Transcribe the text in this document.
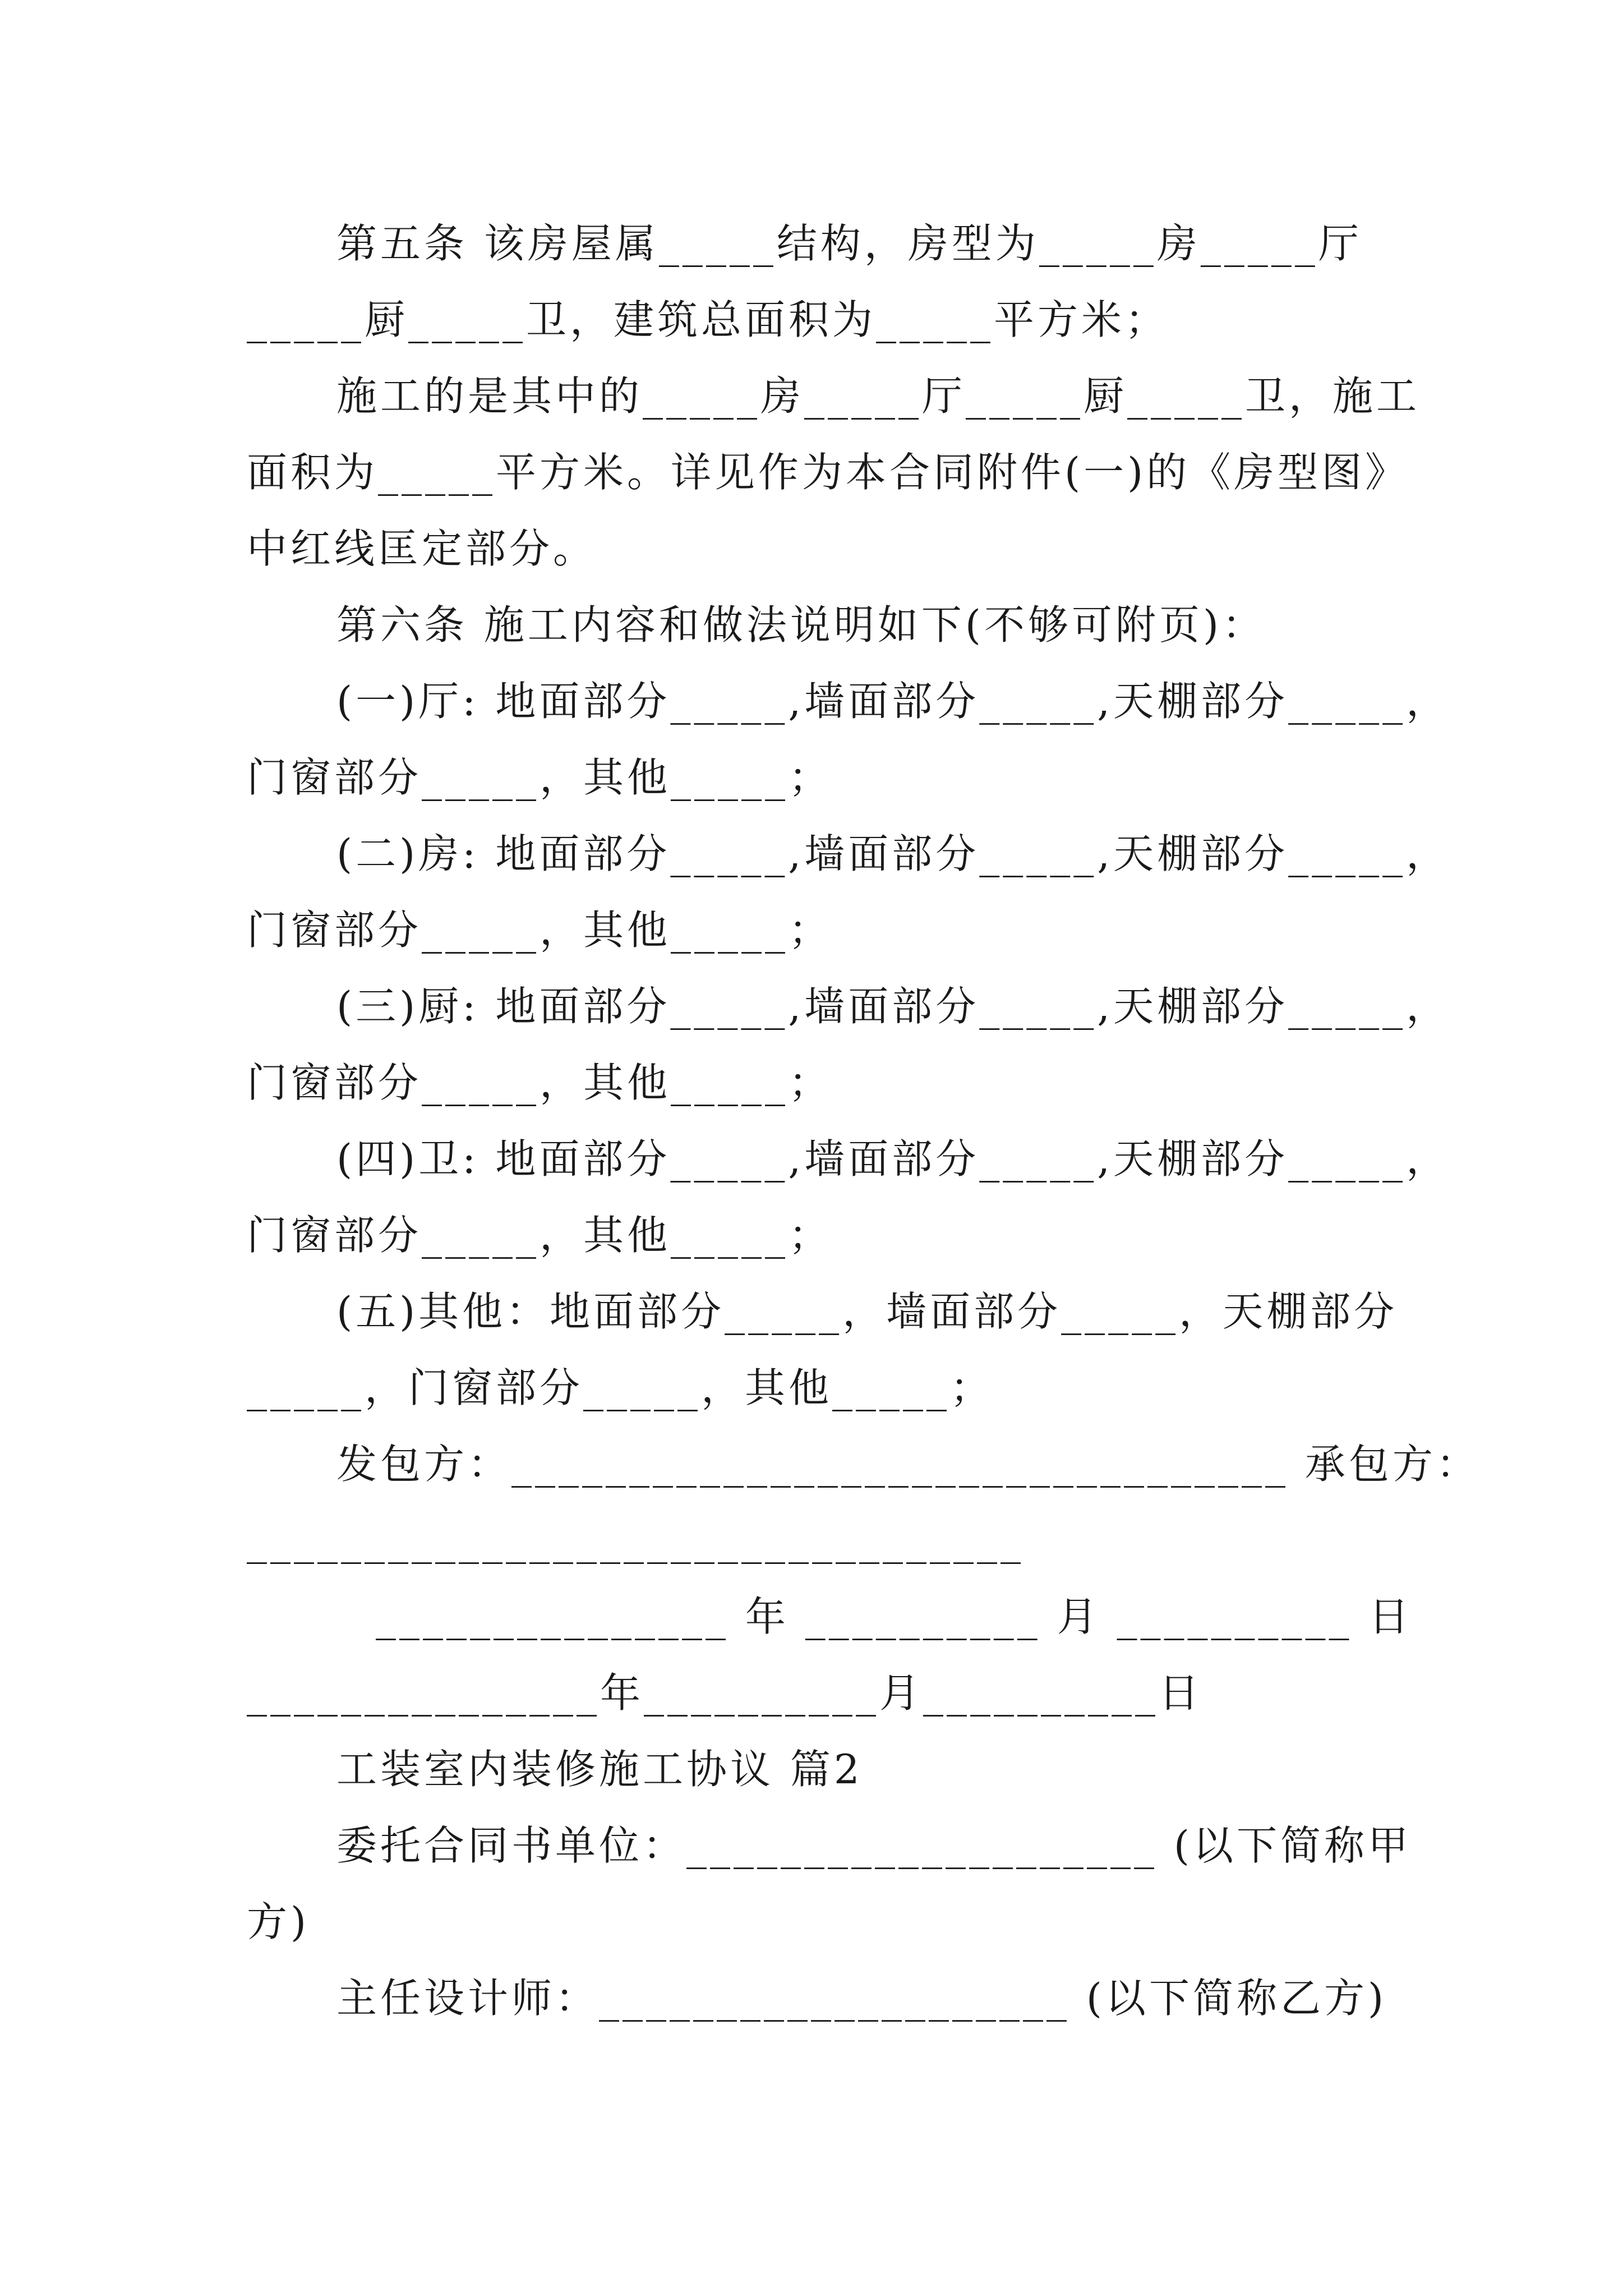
第五条 该房屋属_____结构，房型为_____房_____厅
_____厨_____卫，建筑总面积为_____平方米；
施工的是其中的_____房_____厅_____厨_____卫，施工
面积为_____平方米。详见作为本合同附件(一)的《房型图》
中红线匡定部分。
第六条 施工内容和做法说明如下(不够可附页)：
(一)厅: 地面部分_____,墙面部分_____,天棚部分_____，
门窗部分_____，其他_____；
(二)房: 地面部分_____,墙面部分_____,天棚部分_____，
门窗部分_____，其他_____；
(三)厨: 地面部分_____,墙面部分_____,天棚部分_____，
门窗部分_____，其他_____；
(四)卫: 地面部分_____,墙面部分_____,天棚部分_____，
门窗部分_____，其他_____；
(五)其他：地面部分_____，墙面部分_____，天棚部分
_____，门窗部分_____，其他_____；
发包方：_________________________________ 承包方：
_________________________________
_______________ 年 __________ 月 __________ 日
_______________年__________月__________日
工装室内装修施工协议 篇2
委托合同书单位：____________________ (以下简称甲
方)
主任设计师：____________________ (以下简称乙方)
